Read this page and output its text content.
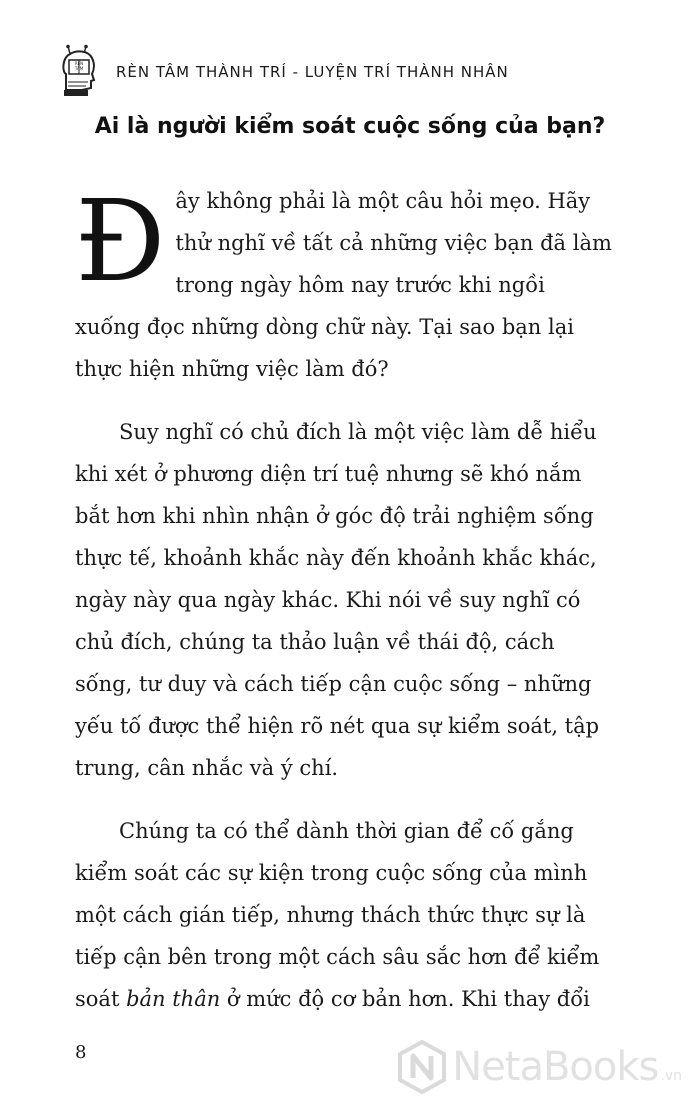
RÈN
TÂM RÈN TÂM THÀNH TRÍ - LUYỆN TRÍ THÀNH NHÂN
Ai là người kiểm soát cuộc sống của bạn?

Đây không phải là một câu hỏi mẹo. Hãy thử nghĩ về tất cả những việc bạn đã làm trong ngày hôm nay trước khi ngồi xuống đọc những dòng chữ này. Tại sao bạn lại thực hiện những việc làm đó?

Suy nghĩ có chủ đích là một việc làm dễ hiểu khi xét ở phương diện trí tuệ nhưng sẽ khó nắm bắt hơn khi nhìn nhận ở góc độ trải nghiệm sống thực tế, khoảnh khắc này đến khoảnh khắc khác, ngày này qua ngày khác. Khi nói về suy nghĩ có chủ đích, chúng ta thảo luận về thái độ, cách sống, tư duy và cách tiếp cận cuộc sống – những yếu tố được thể hiện rõ nét qua sự kiểm soát, tập trung, cân nhắc và ý chí.

Chúng ta có thể dành thời gian để cố gắng kiểm soát các sự kiện trong cuộc sống của mình một cách gián tiếp, nhưng thách thức thực sự là tiếp cận bên trong một cách sâu sắc hơn để kiểm soát bản thân ở mức độ cơ bản hơn. Khi thay đổi

8	NetaBooks .vn
